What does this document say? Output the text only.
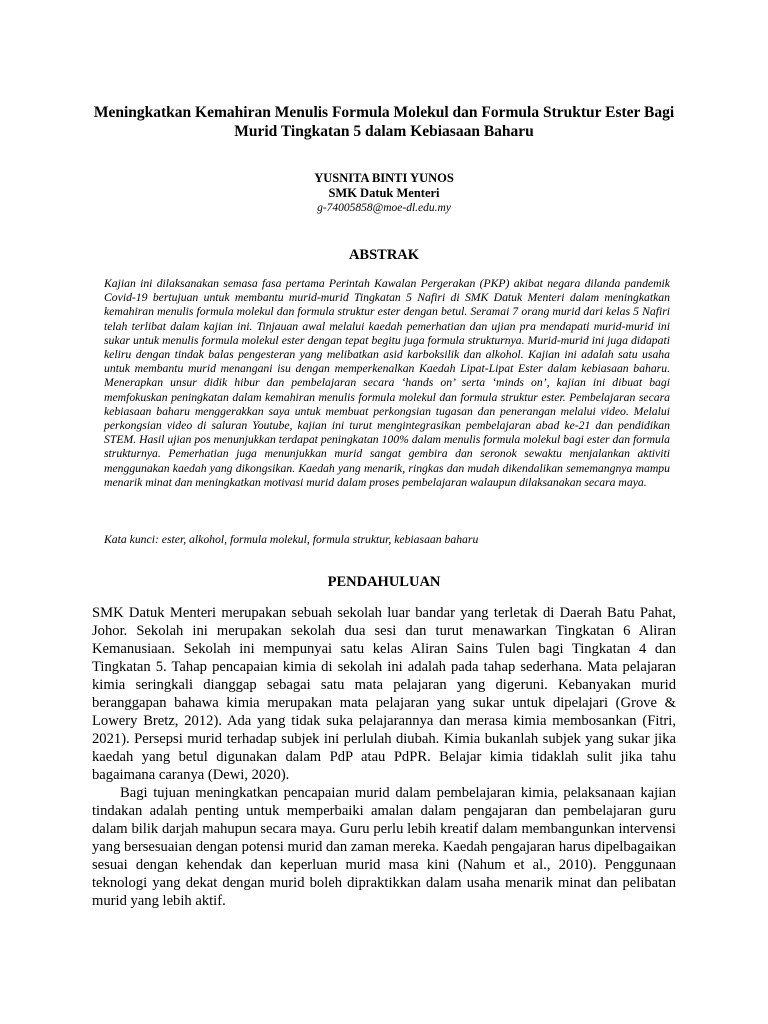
Meningkatkan Kemahiran Menulis Formula Molekul dan Formula Struktur Ester Bagi
Murid Tingkatan 5 dalam Kebiasaan Baharu
YUSNITA BINTI YUNOS
SMK Datuk Menteri
g-74005858@moe-dl.edu.my
ABSTRAK

Kajian ini dilaksanakan semasa fasa pertama Perintah Kawalan Pergerakan (PKP) akibat negara dilanda pandemik Covid-19 bertujuan untuk membantu murid-murid Tingkatan 5 Nafiri di SMK Datuk Menteri dalam meningkatkan kemahiran menulis formula molekul dan formula struktur ester dengan betul. Seramai 7 orang murid dari kelas 5 Nafiri telah terlibat dalam kajian ini. Tinjauan awal melalui kaedah pemerhatian dan ujian pra mendapati murid-murid ini sukar untuk menulis formula molekul ester dengan tepat begitu juga formula strukturnya. Murid-murid ini juga didapati keliru dengan tindak balas pengesteran yang melibatkan asid karboksilik dan alkohol. Kajian ini adalah satu usaha untuk membantu murid menangani isu dengan memperkenalkan Kaedah Lipat-Lipat Ester dalam kebiasaan baharu. Menerapkan unsur didik hibur dan pembelajaran secara ‘hands on’ serta ‘minds on’, kajian ini dibuat bagi memfokuskan peningkatan dalam kemahiran menulis formula molekul dan formula struktur ester. Pembelajaran secara kebiasaan baharu menggerakkan saya untuk membuat perkongsian tugasan dan penerangan melalui video. Melalui perkongsian video di saluran Youtube, kajian ini turut mengintegrasikan pembelajaran abad ke-21 dan pendidikan STEM. Hasil ujian pos menunjukkan terdapat peningkatan 100% dalam menulis formula molekul bagi ester dan formula strukturnya. Pemerhatian juga menunjukkan murid sangat gembira dan seronok sewaktu menjalankan aktiviti menggunakan kaedah yang dikongsikan. Kaedah yang menarik, ringkas dan mudah dikendalikan sememangnya mampu menarik minat dan meningkatkan motivasi murid dalam proses pembelajaran walaupun dilaksanakan secara maya.

Kata kunci: ester, alkohol, formula molekul, formula struktur, kebiasaan baharu

PENDAHULUAN

SMK Datuk Menteri merupakan sebuah sekolah luar bandar yang terletak di Daerah Batu Pahat, Johor. Sekolah ini merupakan sekolah dua sesi dan turut menawarkan Tingkatan 6 Aliran Kemanusiaan. Sekolah ini mempunyai satu kelas Aliran Sains Tulen bagi Tingkatan 4 dan Tingkatan 5. Tahap pencapaian kimia di sekolah ini adalah pada tahap sederhana. Mata pelajaran kimia seringkali dianggap sebagai satu mata pelajaran yang digeruni. Kebanyakan murid beranggapan bahawa kimia merupakan mata pelajaran yang sukar untuk dipelajari (Grove & Lowery Bretz, 2012). Ada yang tidak suka pelajarannya dan merasa kimia membosankan (Fitri, 2021). Persepsi murid terhadap subjek ini perlulah diubah. Kimia bukanlah subjek yang sukar jika kaedah yang betul digunakan dalam PdP atau PdPR. Belajar kimia tidaklah sulit jika tahu bagaimana caranya (Dewi, 2020).

Bagi tujuan meningkatkan pencapaian murid dalam pembelajaran kimia, pelaksanaan kajian tindakan adalah penting untuk memperbaiki amalan dalam pengajaran dan pembelajaran guru dalam bilik darjah mahupun secara maya. Guru perlu lebih kreatif dalam membangunkan intervensi yang bersesuaian dengan potensi murid dan zaman mereka. Kaedah pengajaran harus dipelbagaikan sesuai dengan kehendak dan keperluan murid masa kini (Nahum et al., 2010). Penggunaan teknologi yang dekat dengan murid boleh dipraktikkan dalam usaha menarik minat dan pelibatan murid yang lebih aktif.
